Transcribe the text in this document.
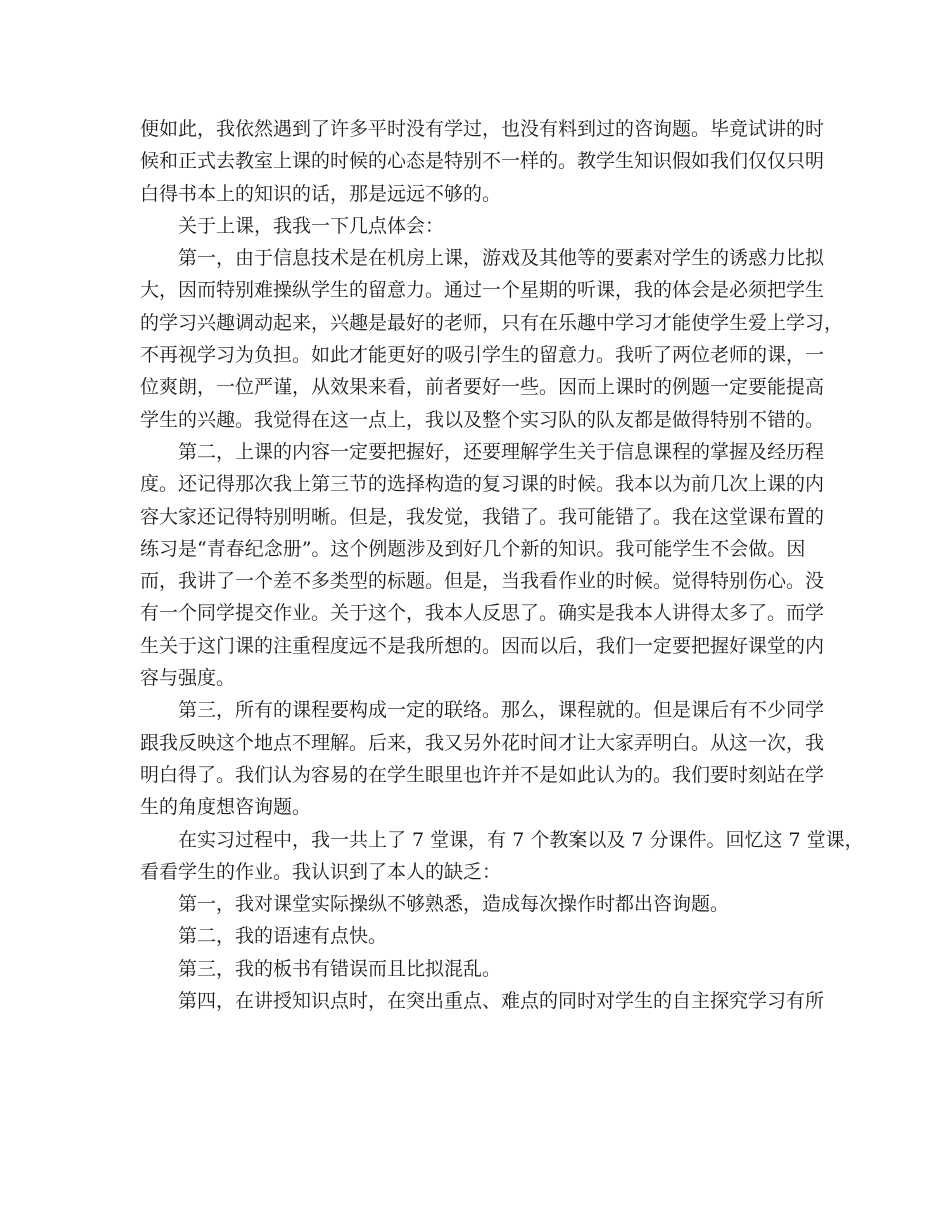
便如此，我依然遇到了许多平时没有学过，也没有料到过的咨询题。毕竟试讲的时
候和正式去教室上课的时候的心态是特别不一样的。教学生知识假如我们仅仅只明
白得书本上的知识的话，那是远远不够的。
关于上课，我我一下几点体会：
第一，由于信息技术是在机房上课，游戏及其他等的要素对学生的诱惑力比拟
大，因而特别难操纵学生的留意力。通过一个星期的听课，我的体会是必须把学生
的学习兴趣调动起来，兴趣是最好的老师，只有在乐趣中学习才能使学生爱上学习，
不再视学习为负担。如此才能更好的吸引学生的留意力。我听了两位老师的课，一
位爽朗，一位严谨，从效果来看，前者要好一些。因而上课时的例题一定要能提高
学生的兴趣。我觉得在这一点上，我以及整个实习队的队友都是做得特别不错的。
第二，上课的内容一定要把握好，还要理解学生关于信息课程的掌握及经历程
度。还记得那次我上第三节的选择构造的复习课的时候。我本以为前几次上课的内
容大家还记得特别明晰。但是，我发觉，我错了。我可能错了。我在这堂课布置的
练习是“青春纪念册”。这个例题涉及到好几个新的知识。我可能学生不会做。因
而，我讲了一个差不多类型的标题。但是，当我看作业的时候。觉得特别伤心。没
有一个同学提交作业。关于这个，我本人反思了。确实是我本人讲得太多了。而学
生关于这门课的注重程度远不是我所想的。因而以后，我们一定要把握好课堂的内
容与强度。
第三，所有的课程要构成一定的联络。那么，课程就的。但是课后有不少同学
跟我反映这个地点不理解。后来，我又另外花时间才让大家弄明白。从这一次，我
明白得了。我们认为容易的在学生眼里也许并不是如此认为的。我们要时刻站在学
生的角度想咨询题。
在实习过程中，我一共上了 7 堂课，有 7 个教案以及 7 分课件。回忆这 7 堂课，
看看学生的作业。我认识到了本人的缺乏：
第一，我对课堂实际操纵不够熟悉，造成每次操作时都出咨询题。
第二，我的语速有点快。
第三，我的板书有错误而且比拟混乱。
第四，在讲授知识点时，在突出重点、难点的同时对学生的自主探究学习有所
